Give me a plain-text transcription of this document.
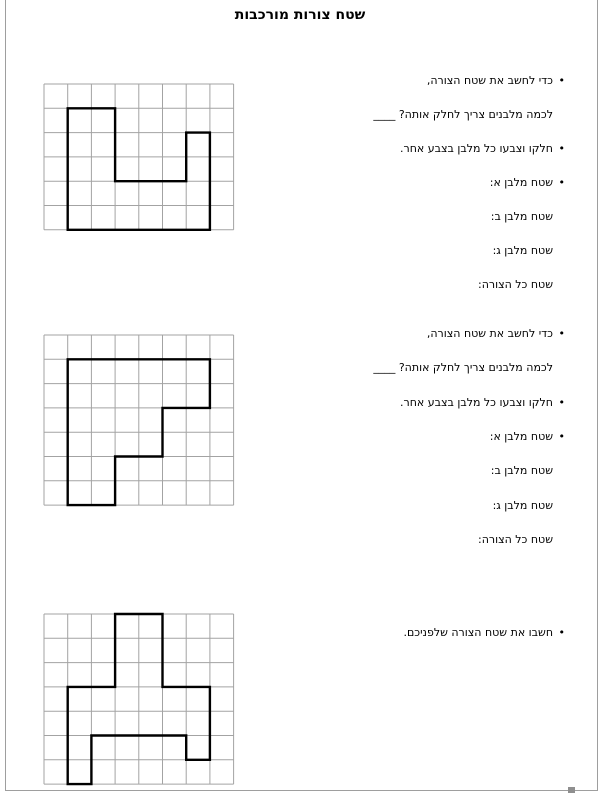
שטח צורות מורכבות
•
כדי לחשב את שטח הצורה,
לכמה מלבנים צריך לחלק אותה? ____
•
חלקו וצבעו כל מלבן בצבע אחר.
•
שטח מלבן א:
שטח מלבן ב:
שטח מלבן ג:
שטח כל הצורה:
•
כדי לחשב את שטח הצורה,
לכמה מלבנים צריך לחלק אותה? ____
•
חלקו וצבעו כל מלבן בצבע אחר.
•
שטח מלבן א:
שטח מלבן ב:
שטח מלבן ג:
שטח כל הצורה:
•
חשבו את שטח הצורה שלפניכם.
